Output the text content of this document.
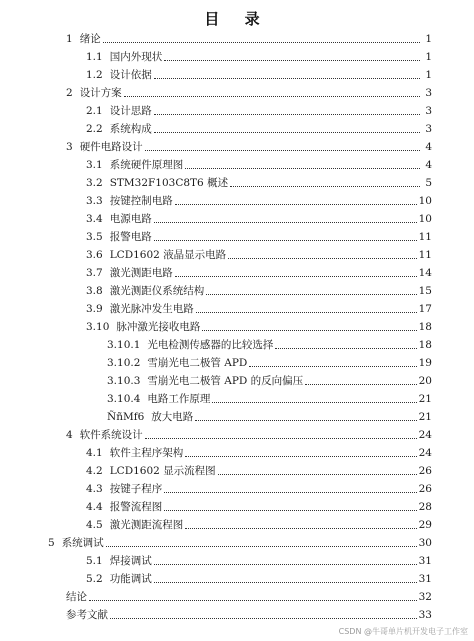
目 录
1 绪论	1
1.1 国内外现状	1
1.2 设计依据	1
2 设计方案	3
2.1 设计思路	3
2.2 系统构成	3
3 硬件电路设计	4
3.1 系统硬件原理图	4
3.2 STM32F103C8T6 概述	5
3.3 按键控制电路	10
3.4 电源电路	10
3.5 报警电路	11
3.6 LCD1602 液晶显示电路	11
3.7 激光测距电路	14
3.8 激光测距仪系统结构	15
3.9 激光脉冲发生电路	17
3.10 脉冲激光接收电路	18
3.10.1 光电检测传感器的比较选择	18
3.10.2 雪崩光电二极管 APD	19
3.10.3 雪崩光电二极管 APD 的反向偏压	20
3.10.4 电路工作原理	21
ÑñMf6 放大电路	21
4 软件系统设计	24
4.1 软件主程序架构	24
4.2 LCD1602 显示流程图	26
4.3 按键子程序	26
4.4 报警流程图	28
4.5 激光测距流程图	29
5 系统调试	30
5.1 焊接调试	31
5.2 功能调试	31
结论	32
参考文献	33
CSDN @牛哥单片机开发电子工作室
